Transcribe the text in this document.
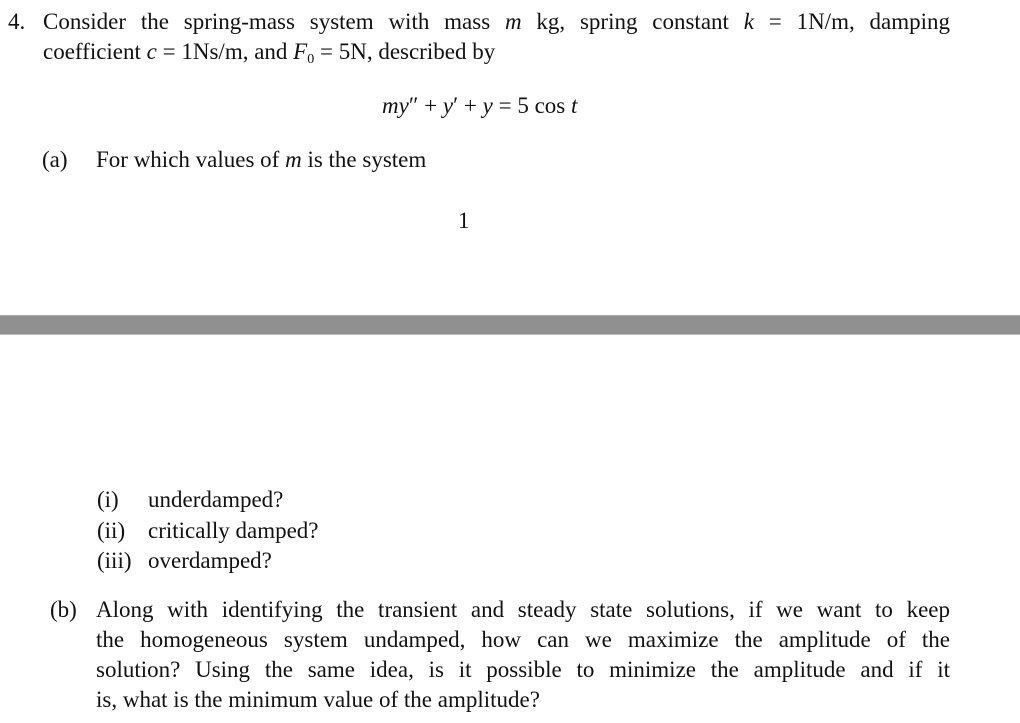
4. Consider the spring-mass system with mass m kg, spring constant k = 1N/m, damping
coefficient c = 1Ns/m, and $F_0 = 5N$, described by
my″ + y′ + y = 5 cos t
(a) For which values of m is the system
1
(i) underdamped?
(ii) critically damped?
(iii) overdamped?
(b) Along with identifying the transient and steady state solutions, if we want to keep
the homogeneous system undamped, how can we maximize the amplitude of the
solution? Using the same idea, is it possible to minimize the amplitude and if it
is, what is the minimum value of the amplitude?
